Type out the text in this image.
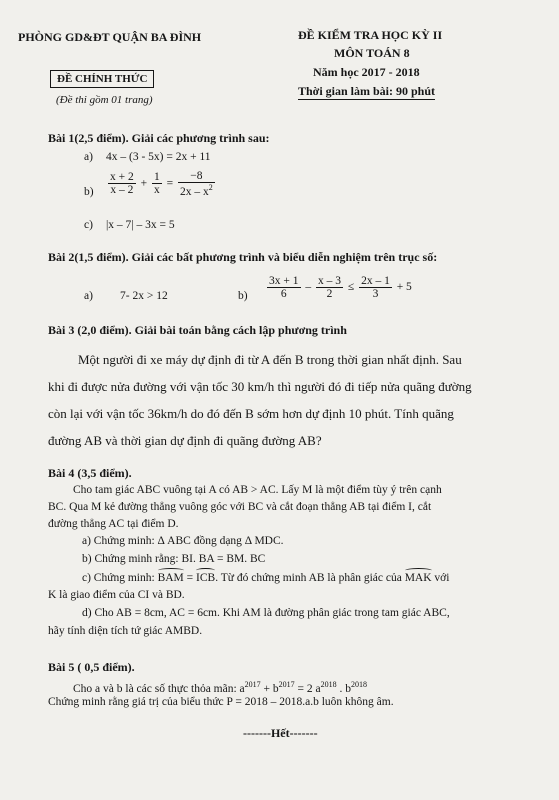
PHÒNG GD&ĐT QUẬN BA ĐÌNH
ĐỀ CHÍNH THỨC
(Đề thi gồm 01 trang)
ĐỀ KIỂM TRA HỌC KỲ II
MÔN TOÁN 8
Năm học 2017 - 2018
Thời gian làm bài: 90 phút
Bài 1(2,5 điểm). Giải các phương trình sau:
a) 4x – (3 - 5x) = 2x + 11
$b) \frac{x + 2}{x - 2} + \frac{1}{x} = \frac{-8}{2x - x^2}$
c) |x – 7| – 3x = 5
Bài 2(1,5 điểm). Giải các bất phương trình và biểu diễn nghiệm trên trục số:
a) 7- 2x > 12	$b) \frac{3x + 1}{6} - \frac{x - 3}{2} \le \frac{2x - 1}{3} + 5$
Bài 3 (2,0 điểm). Giải bài toán bằng cách lập phương trình
Một người đi xe máy dự định đi từ A đến B trong thời gian nhất định. Sau
khi đi được nửa đường với vận tốc 30 km/h thì người đó đi tiếp nửa quãng đường
còn lại với vận tốc 36km/h do đó đến B sớm hơn dự định 10 phút. Tính quãng
đường AB và thời gian dự định đi quãng đường AB?
Bài 4 (3,5 điểm).
Cho tam giác ABC vuông tại A có AB > AC. Lấy M là một điểm tùy ý trên cạnh
BC. Qua M kẻ đường thẳng vuông góc với BC và cắt đoạn thẳng AB tại điểm I, cắt
đường thẳng AC tại điểm D.
a) Chứng minh: Δ ABC đồng dạng Δ MDC.
b) Chứng minh rằng: BI. BA = BM. BC
c) Chứng minh: BAM = ICB. Từ đó chứng minh AB là phân giác của MAK với
K là giao điểm của CI và BD.
d) Cho AB = 8cm, AC = 6cm. Khi AM là đường phân giác trong tam giác ABC,
hãy tính diện tích tứ giác AMBD.
Bài 5 ( 0,5 điểm).
Cho a và b là các số thực thỏa mãn: $a^{2017} + b^{2017} = 2$ $a^{2018}$ . $b^{2018}$
Chứng minh rằng giá trị của biểu thức P = 2018 – 2018.a.b luôn không âm.
-------Hết-------
